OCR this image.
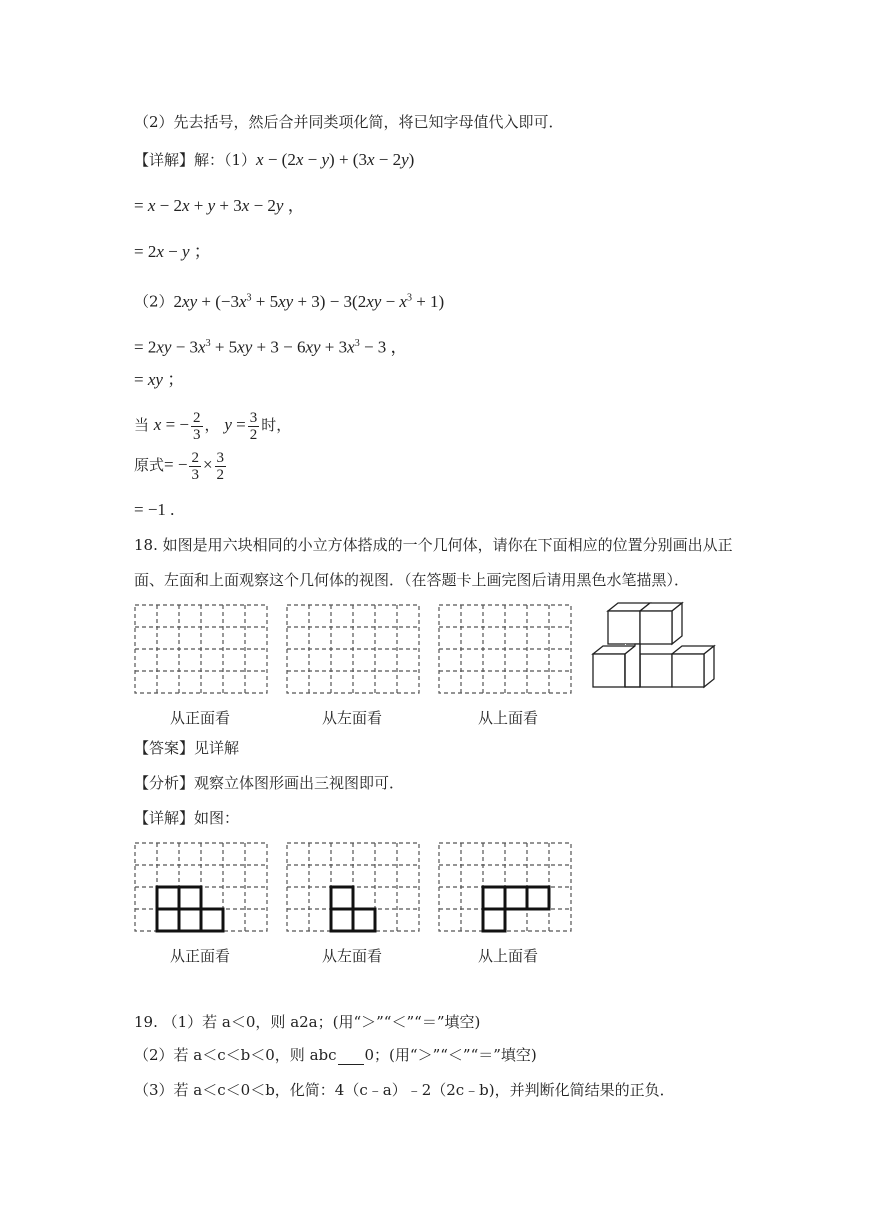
（2）先去括号，然后合并同类项化简，将已知字母值代入即可．
【详解】解：（1）x − (2x − y) + (3x − 2y)
= x − 2x + y + 3x − 2y ，
= 2x − y ；
$(2)2xy + (-3x^3 + 5xy + 3) - 3(2xy - x^3 + 1)$
= $2xy - 3x^3 + 5xy + 3 - 6xy + 3x^3 - 3$ ，
= xy ；
当 x = − $\frac{2}{3}$ ， $y = \frac{3}{2}$ 时，
原式= − $\frac{2}{3} \times \frac{3}{2}$
= −1 .
18. 如图是用六块相同的小立方体搭成的一个几何体，请你在下面相应的位置分别画出从正
面、左面和上面观察这个几何体的视图．（在答题卡上画完图后请用黑色水笔描黑）．
从正面看	从左面看	从上面看
【答案】见详解
【分析】观察立体图形画出三视图即可．
【详解】如图：
从正面看	从左面看	从上面看
19. （1）若 a＜0，则 a2a；(用“＞”“＜”“＝”填空)
（2）若 a＜c＜b＜0，则 abc 0；(用“＞”“＜”“＝”填空)
（3）若 a＜c＜0＜b，化简：4（c﹣a）﹣2（2c﹣b)，并判断化简结果的正负．
